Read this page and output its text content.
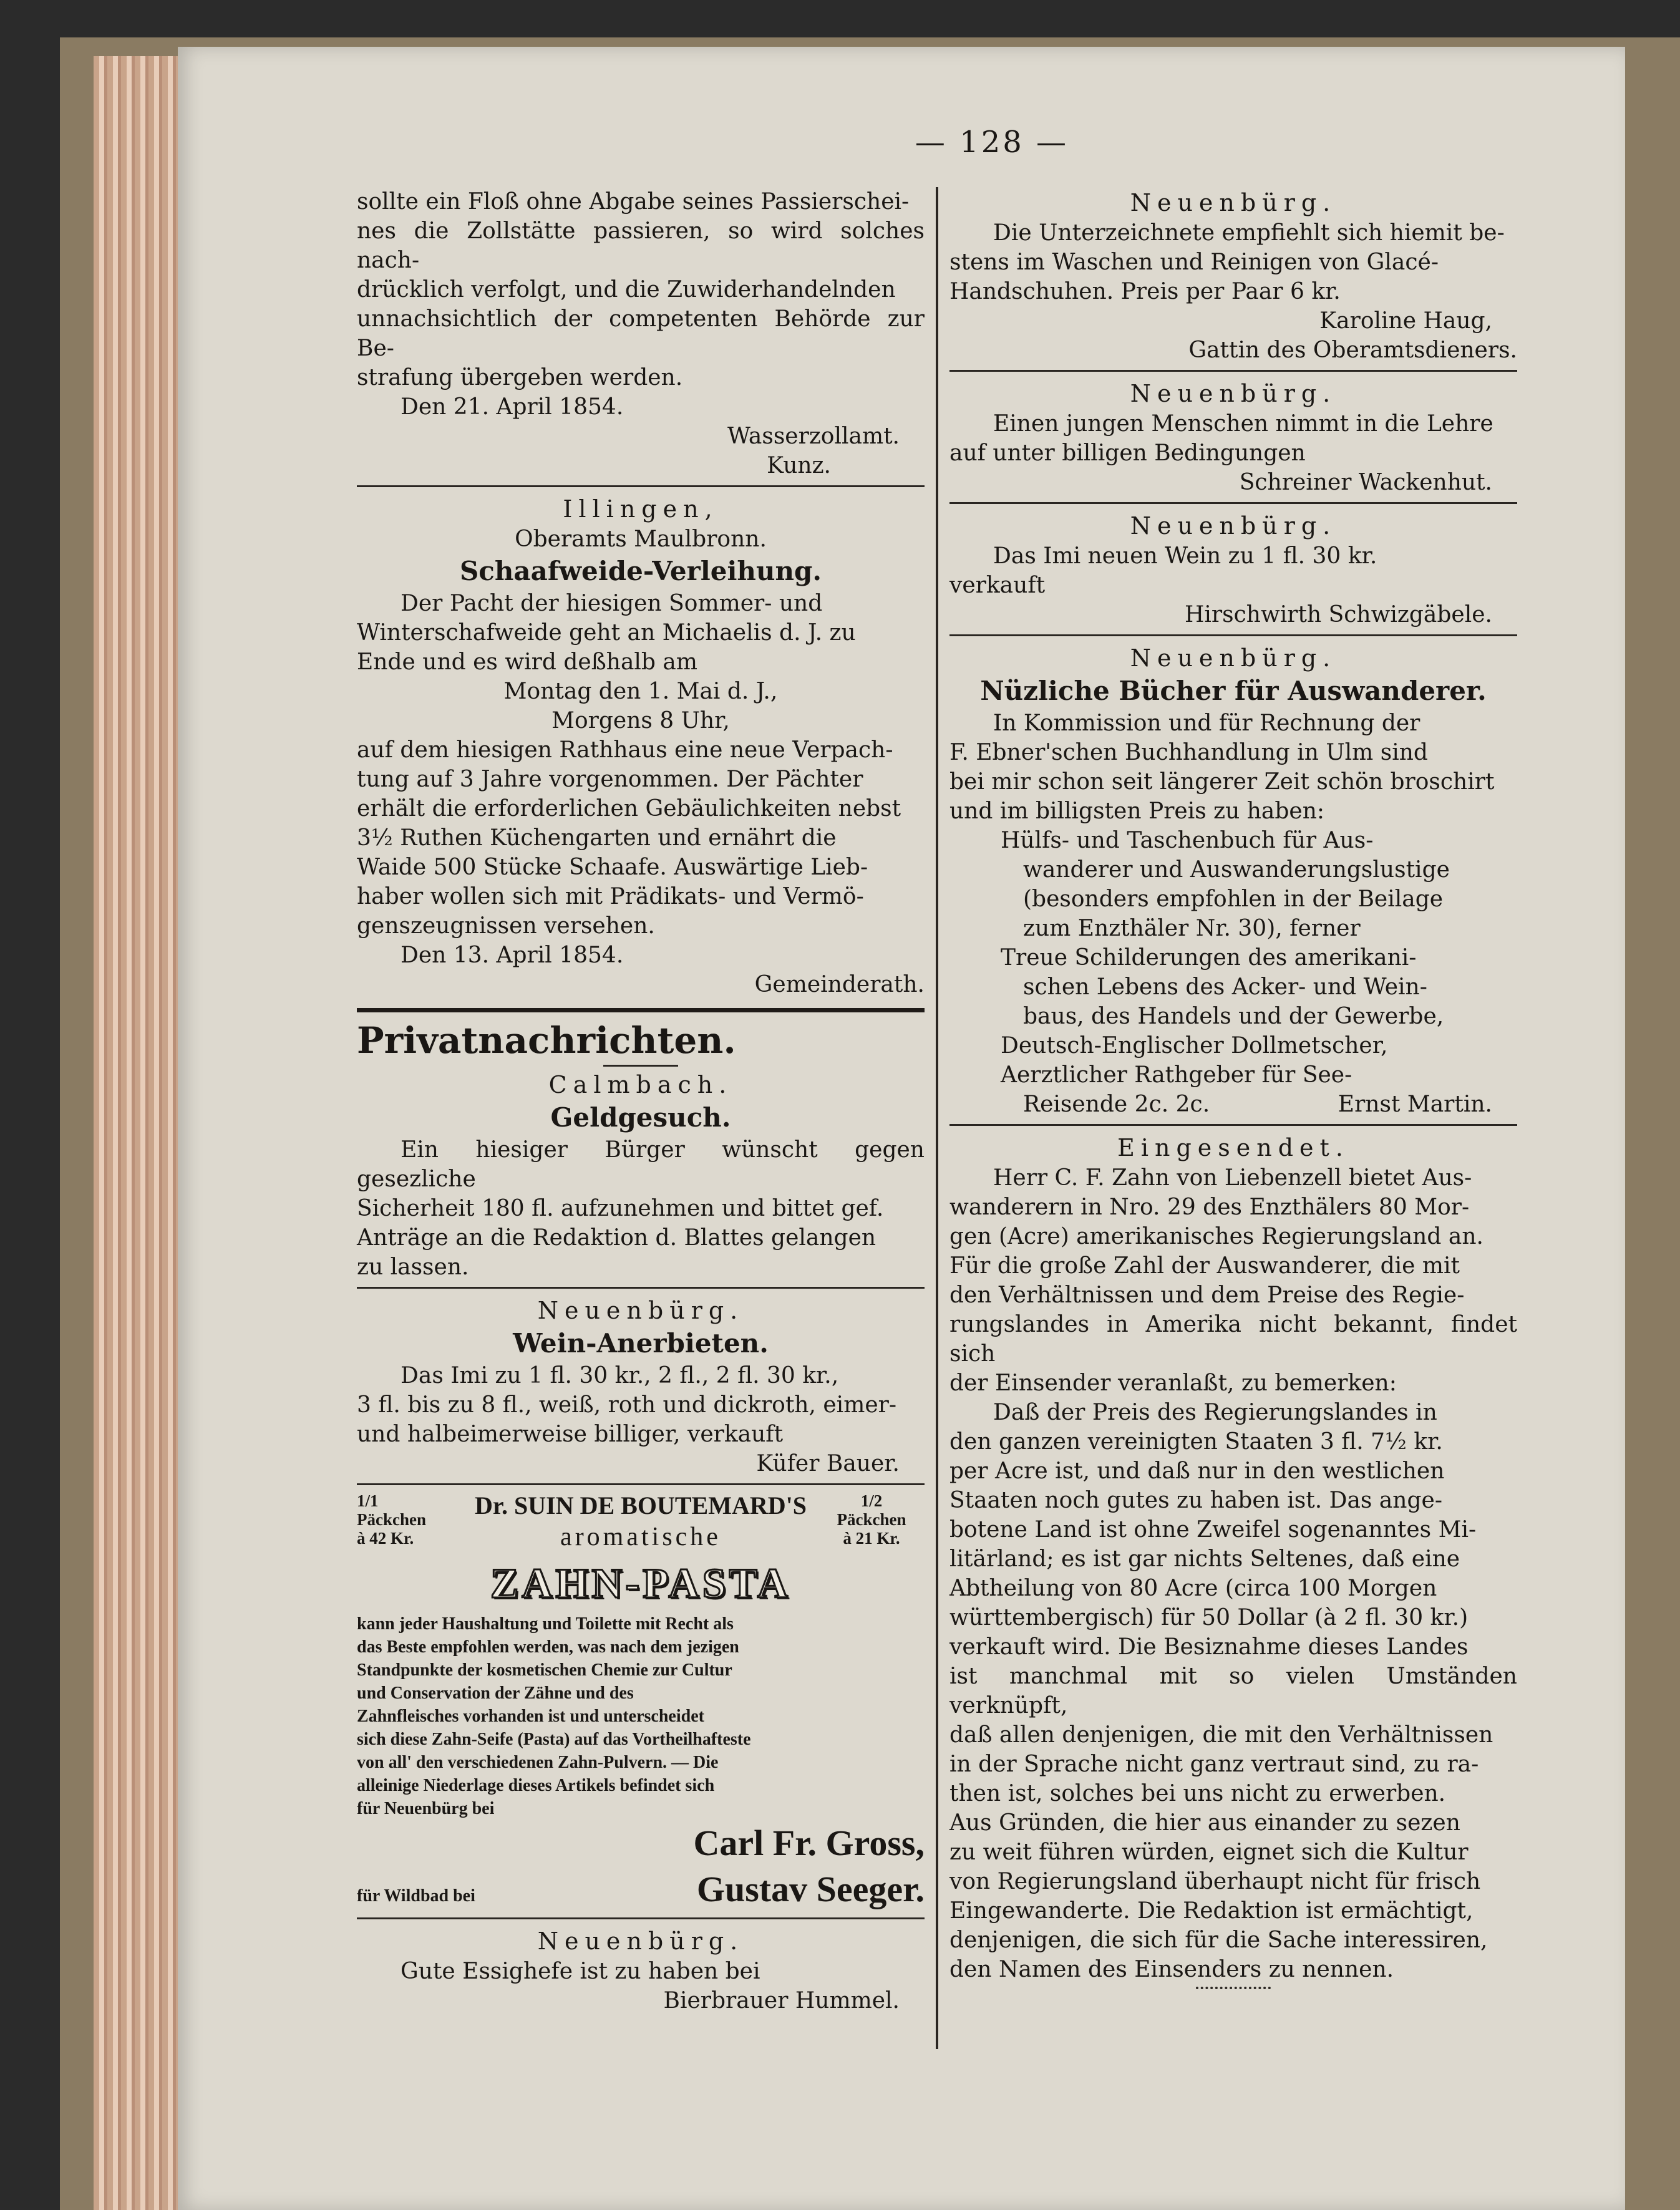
— 128 —

sollte ein Floß ohne Abgabe seines Passierschei-

nes die Zollstätte passieren, so wird solches nach-

drücklich verfolgt, und die Zuwiderhandelnden

unnachsichtlich der competenten Behörde zur Be-

strafung übergeben werden.

Den 21. April 1854.

Wasserzollamt.

Kunz.

Illingen,

Oberamts Maulbronn.

Schaafweide-Verleihung.

Der Pacht der hiesigen Sommer- und

Winterschafweide geht an Michaelis d. J. zu

Ende und es wird deßhalb am

Montag den 1. Mai d. J.,

Morgens 8 Uhr,

auf dem hiesigen Rathhaus eine neue Verpach-

tung auf 3 Jahre vorgenommen. Der Pächter

erhält die erforderlichen Gebäulichkeiten nebst

3½ Ruthen Küchengarten und ernährt die

Waide 500 Stücke Schaafe. Auswärtige Lieb-

haber wollen sich mit Prädikats- und Vermö-

genszeugnissen versehen.

Den 13. April 1854.

Gemeinderath.

Privatnachrichten.

Calmbach.

Geldgesuch.

Ein hiesiger Bürger wünscht gegen gesezliche

Sicherheit 180 fl. aufzunehmen und bittet gef.

Anträge an die Redaktion d. Blattes gelangen

zu lassen.

Neuenbürg.

Wein-Anerbieten.

Das Imi zu 1 fl. 30 kr., 2 fl., 2 fl. 30 kr.,

3 fl. bis zu 8 fl., weiß, roth und dickroth, eimer-

und halbeimerweise billiger, verkauft

Küfer Bauer.

1/1
Päckchen
à 42 Kr.
Dr. SUIN DE BOUTEMARD'S
aromatische
1/2
Päckchen
à 21 Kr.
ZAHN-PASTA

kann jeder Haushaltung und Toilette mit Recht als

das Beste empfohlen werden, was nach dem jezigen

Standpunkte der kosmetischen Chemie zur Cultur

und Conservation der Zähne und des

Zahnfleisches vorhanden ist und unterscheidet

sich diese Zahn-Seife (Pasta) auf das Vortheilhafteste

von all' den verschiedenen Zahn-Pulvern. — Die

alleinige Niederlage dieses Artikels befindet sich

für Neuenbürg bei

Carl Fr. Gross,
für Wildbad bei	Gustav Seeger.

Neuenbürg.

Gute Essighefe ist zu haben bei

Bierbrauer Hummel.

Neuenbürg.

Die Unterzeichnete empfiehlt sich hiemit be-

stens im Waschen und Reinigen von Glacé-

Handschuhen. Preis per Paar 6 kr.

Karoline Haug,

Gattin des Oberamtsdieners.

Neuenbürg.

Einen jungen Menschen nimmt in die Lehre

auf unter billigen Bedingungen

Schreiner Wackenhut.

Neuenbürg.

Das Imi neuen Wein zu 1 fl. 30 kr.

verkauft

Hirschwirth Schwizgäbele.

Neuenbürg.

Nüzliche Bücher für Auswanderer.

In Kommission und für Rechnung der

F. Ebner'schen Buchhandlung in Ulm sind

bei mir schon seit längerer Zeit schön broschirt

und im billigsten Preis zu haben:

Hülfs- und Taschenbuch für Aus-

wanderer und Auswanderungslustige

(besonders empfohlen in der Beilage

zum Enzthäler Nr. 30), ferner

Treue Schilderungen des amerikani-

schen Lebens des Acker- und Wein-

baus, des Handels und der Gewerbe,

Deutsch-Englischer Dollmetscher,

Aerztlicher Rathgeber für See-

Reisende 2c. 2c.	Ernst Martin.

Eingesendet.

Herr C. F. Zahn von Liebenzell bietet Aus-

wanderern in Nro. 29 des Enzthälers 80 Mor-

gen (Acre) amerikanisches Regierungsland an.

Für die große Zahl der Auswanderer, die mit

den Verhältnissen und dem Preise des Regie-

rungslandes in Amerika nicht bekannt, findet sich

der Einsender veranlaßt, zu bemerken:

Daß der Preis des Regierungslandes in

den ganzen vereinigten Staaten 3 fl. 7½ kr.

per Acre ist, und daß nur in den westlichen

Staaten noch gutes zu haben ist. Das ange-

botene Land ist ohne Zweifel sogenanntes Mi-

litärland; es ist gar nichts Seltenes, daß eine

Abtheilung von 80 Acre (circa 100 Morgen

württembergisch) für 50 Dollar (à 2 fl. 30 kr.)

verkauft wird. Die Besiznahme dieses Landes

ist manchmal mit so vielen Umständen verknüpft,

daß allen denjenigen, die mit den Verhältnissen

in der Sprache nicht ganz vertraut sind, zu ra-

then ist, solches bei uns nicht zu erwerben.

Aus Gründen, die hier aus einander zu sezen

zu weit führen würden, eignet sich die Kultur

von Regierungsland überhaupt nicht für frisch

Eingewanderte. Die Redaktion ist ermächtigt,

denjenigen, die sich für die Sache interessiren,

den Namen des Einsenders zu nennen.
